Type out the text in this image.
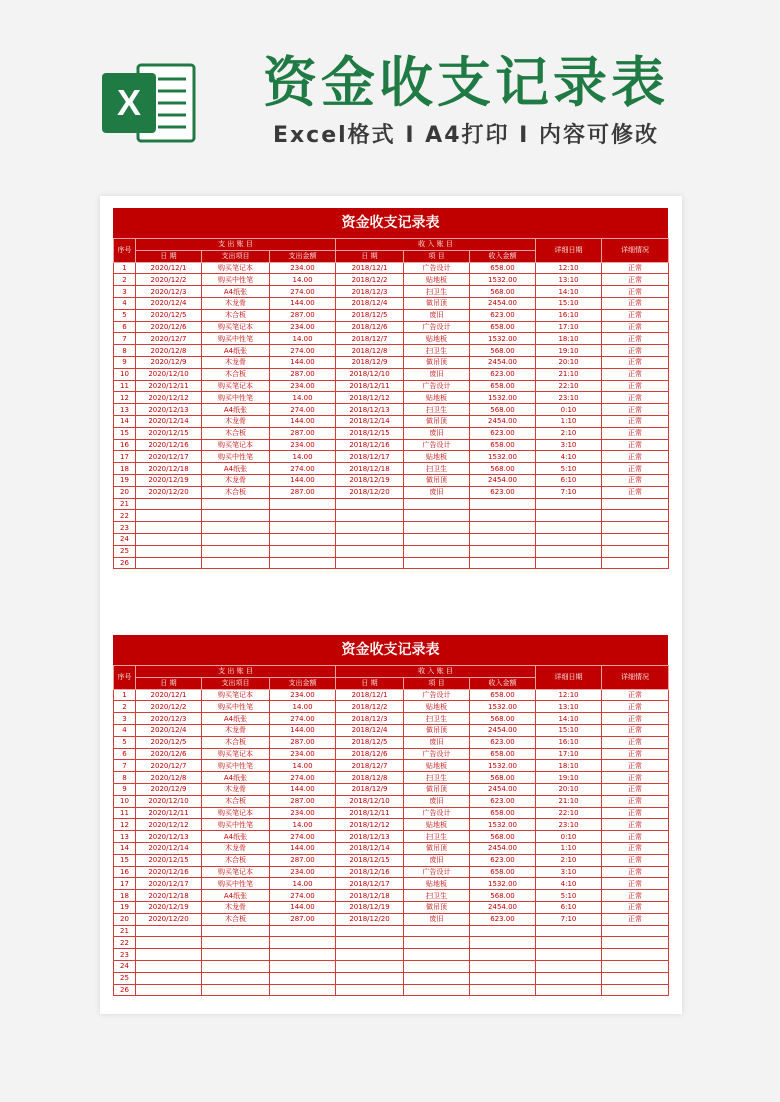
X	资金收支记录表
Excel格式 Ⅰ A4打印 Ⅰ 内容可修改
资金收支记录表
序号	支 出 账 目			收 入 账 目			详细日期	详细情况
	日 期	支出项目	支出金额	日 期	项 目	收入金额		
1	2020/12/1	购买笔记本	234.00	2018/12/1	广告设计	658.00	12:10	正常
2	2020/12/2	购买中性笔	14.00	2018/12/2	贴地板	1532.00	13:10	正常
3	2020/12/3	A4纸张	274.00	2018/12/3	扫卫生	568.00	14:10	正常
4	2020/12/4	木龙骨	144.00	2018/12/4	做吊顶	2454.00	15:10	正常
5	2020/12/5	木合板	287.00	2018/12/5	废旧	623.00	16:10	正常
6	2020/12/6	购买笔记本	234.00	2018/12/6	广告设计	658.00	17:10	正常
7	2020/12/7	购买中性笔	14.00	2018/12/7	贴地板	1532.00	18:10	正常
8	2020/12/8	A4纸张	274.00	2018/12/8	扫卫生	568.00	19:10	正常
9	2020/12/9	木龙骨	144.00	2018/12/9	做吊顶	2454.00	20:10	正常
10	2020/12/10	木合板	287.00	2018/12/10	废旧	623.00	21:10	正常
11	2020/12/11	购买笔记本	234.00	2018/12/11	广告设计	658.00	22:10	正常
12	2020/12/12	购买中性笔	14.00	2018/12/12	贴地板	1532.00	23:10	正常
13	2020/12/13	A4纸张	274.00	2018/12/13	扫卫生	568.00	0:10	正常
14	2020/12/14	木龙骨	144.00	2018/12/14	做吊顶	2454.00	1:10	正常
15	2020/12/15	木合板	287.00	2018/12/15	废旧	623.00	2:10	正常
16	2020/12/16	购买笔记本	234.00	2018/12/16	广告设计	658.00	3:10	正常
17	2020/12/17	购买中性笔	14.00	2018/12/17	贴地板	1532.00	4:10	正常
18	2020/12/18	A4纸张	274.00	2018/12/18	扫卫生	568.00	5:10	正常
19	2020/12/19	木龙骨	144.00	2018/12/19	做吊顶	2454.00	6:10	正常
20	2020/12/20	木合板	287.00	2018/12/20	废旧	623.00	7:10	正常
21								
22								
23								
24								
25								
26								
资金收支记录表
序号	支 出 账 目			收 入 账 目			详细日期	详细情况
	日 期	支出项目	支出金额	日 期	项 目	收入金额		
1	2020/12/1	购买笔记本	234.00	2018/12/1	广告设计	658.00	12:10	正常
2	2020/12/2	购买中性笔	14.00	2018/12/2	贴地板	1532.00	13:10	正常
3	2020/12/3	A4纸张	274.00	2018/12/3	扫卫生	568.00	14:10	正常
4	2020/12/4	木龙骨	144.00	2018/12/4	做吊顶	2454.00	15:10	正常
5	2020/12/5	木合板	287.00	2018/12/5	废旧	623.00	16:10	正常
6	2020/12/6	购买笔记本	234.00	2018/12/6	广告设计	658.00	17:10	正常
7	2020/12/7	购买中性笔	14.00	2018/12/7	贴地板	1532.00	18:10	正常
8	2020/12/8	A4纸张	274.00	2018/12/8	扫卫生	568.00	19:10	正常
9	2020/12/9	木龙骨	144.00	2018/12/9	做吊顶	2454.00	20:10	正常
10	2020/12/10	木合板	287.00	2018/12/10	废旧	623.00	21:10	正常
11	2020/12/11	购买笔记本	234.00	2018/12/11	广告设计	658.00	22:10	正常
12	2020/12/12	购买中性笔	14.00	2018/12/12	贴地板	1532.00	23:10	正常
13	2020/12/13	A4纸张	274.00	2018/12/13	扫卫生	568.00	0:10	正常
14	2020/12/14	木龙骨	144.00	2018/12/14	做吊顶	2454.00	1:10	正常
15	2020/12/15	木合板	287.00	2018/12/15	废旧	623.00	2:10	正常
16	2020/12/16	购买笔记本	234.00	2018/12/16	广告设计	658.00	3:10	正常
17	2020/12/17	购买中性笔	14.00	2018/12/17	贴地板	1532.00	4:10	正常
18	2020/12/18	A4纸张	274.00	2018/12/18	扫卫生	568.00	5:10	正常
19	2020/12/19	木龙骨	144.00	2018/12/19	做吊顶	2454.00	6:10	正常
20	2020/12/20	木合板	287.00	2018/12/20	废旧	623.00	7:10	正常
21								
22								
23								
24								
25								
26								
